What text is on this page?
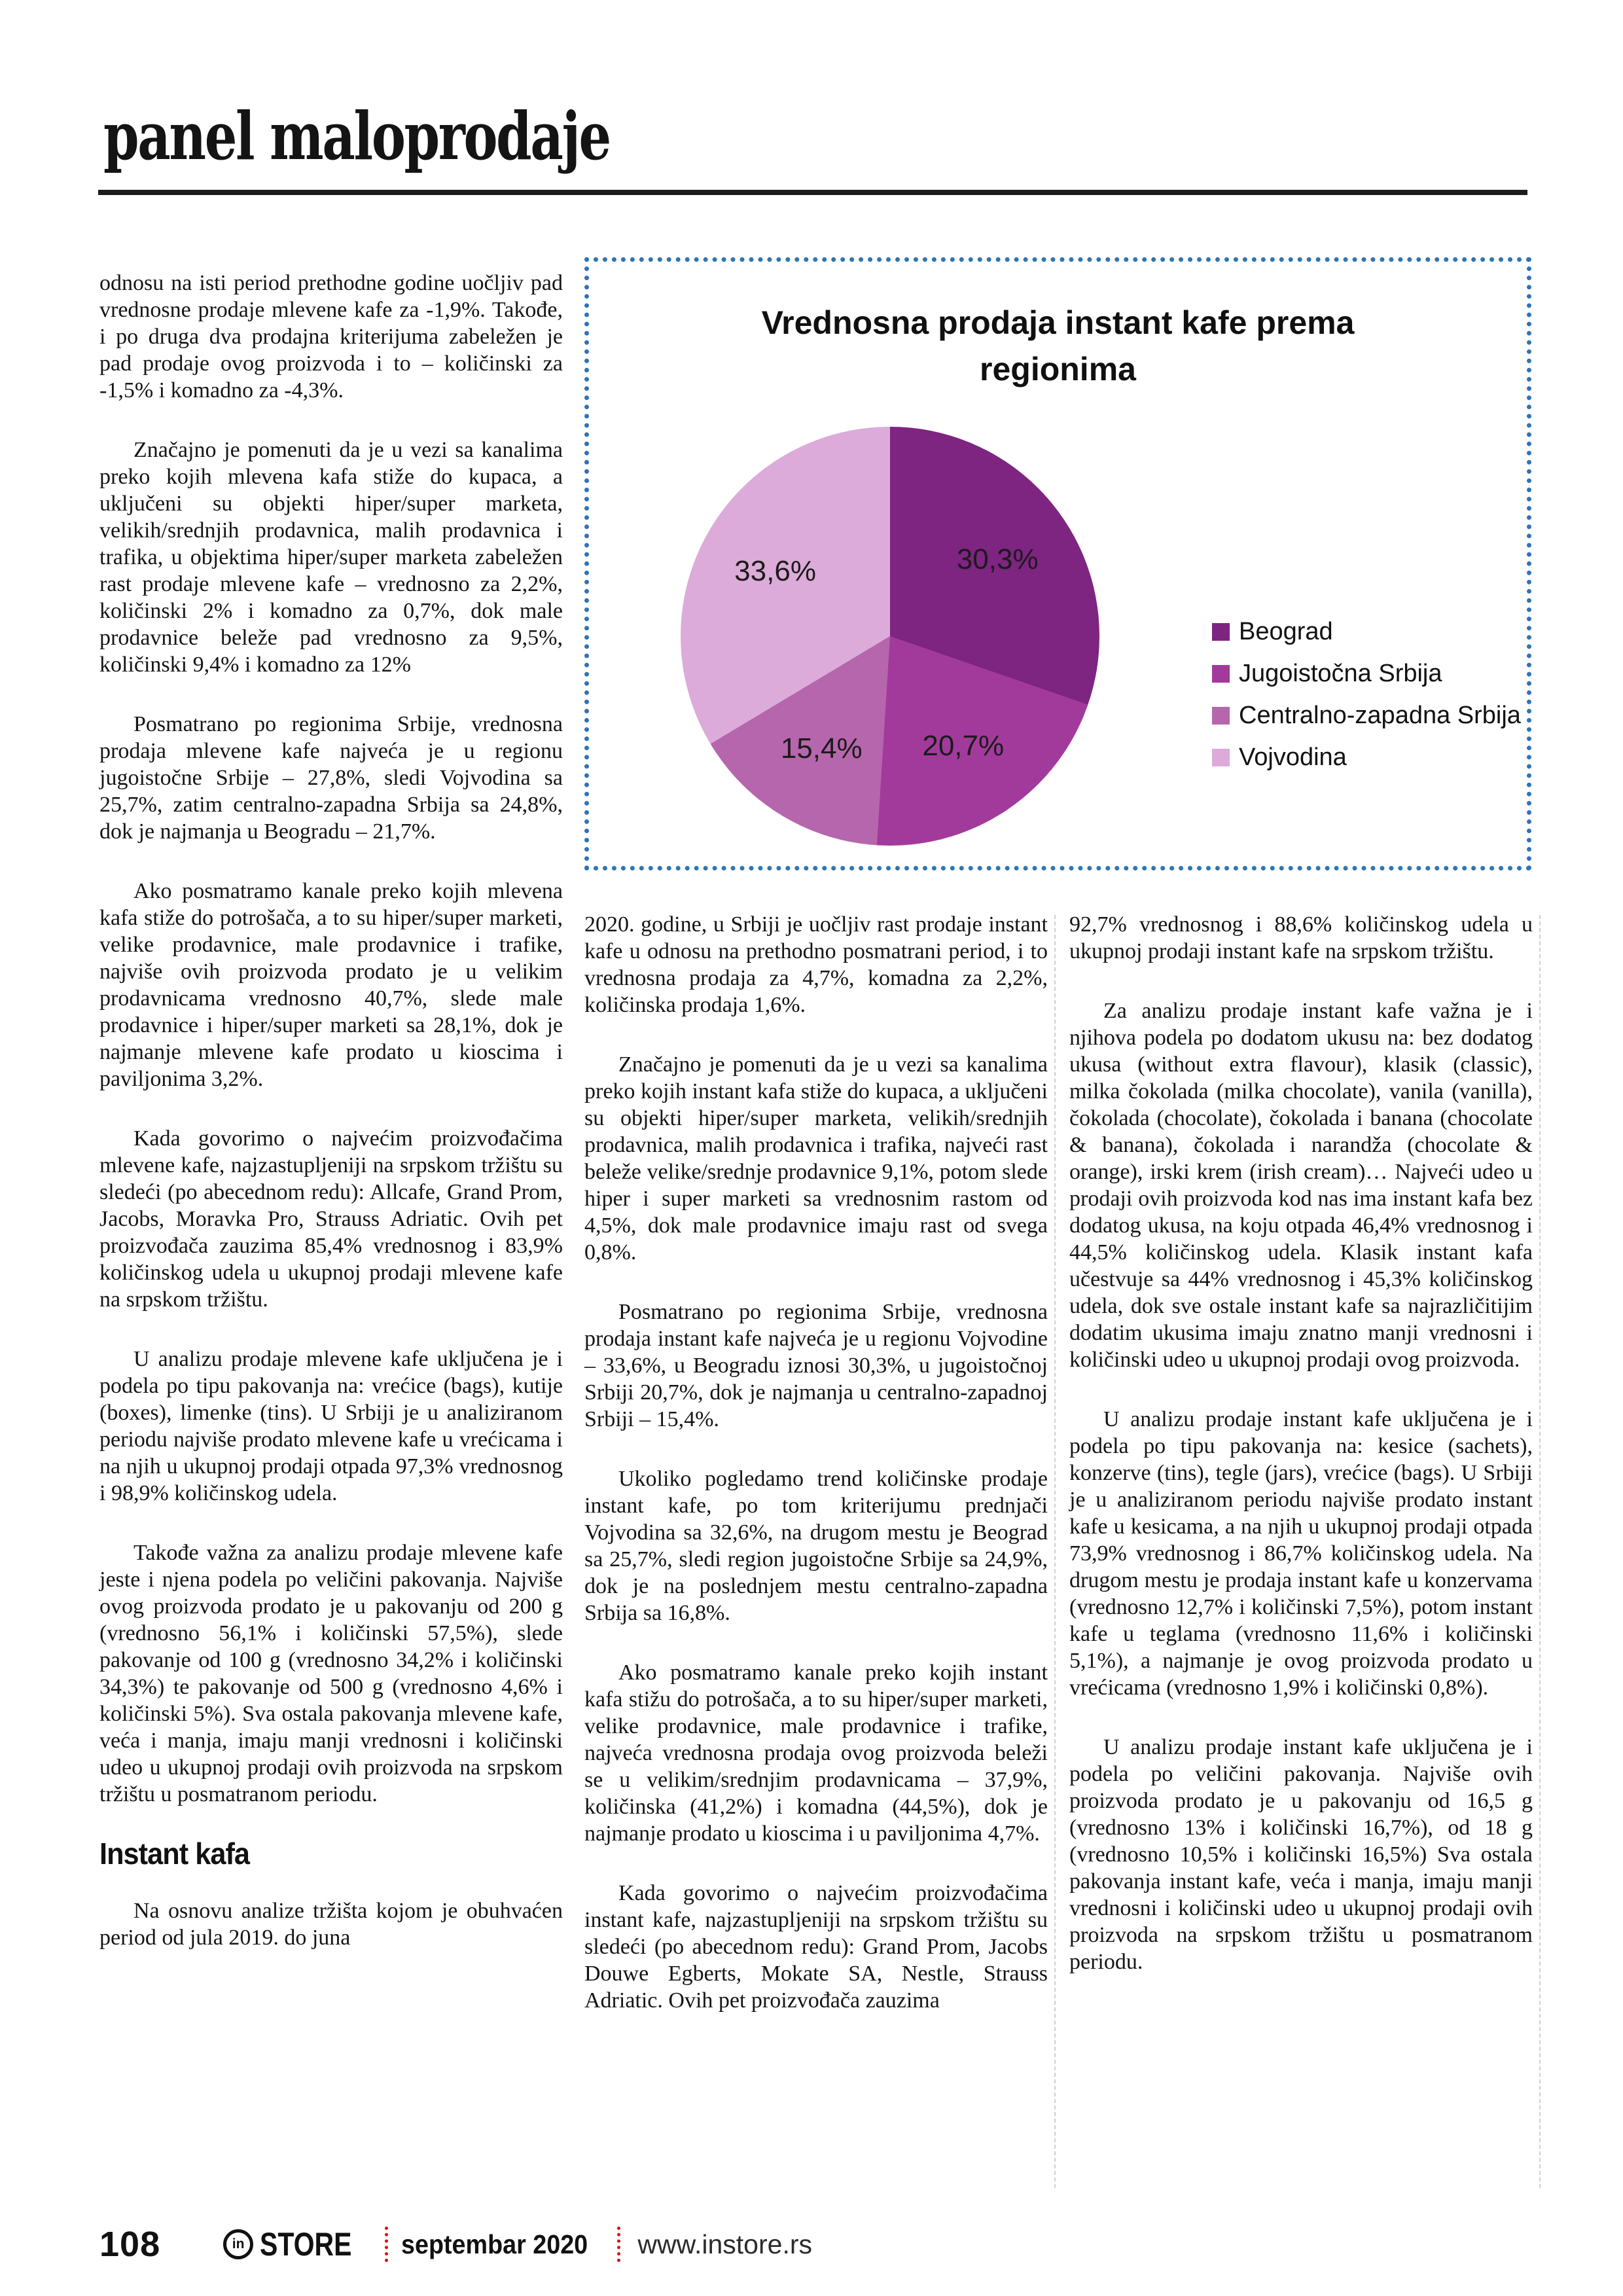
panel maloprodaje
Vrednosna prodaja instant kafe prema regionima
30,3%
20,7%
15,4%
33,6%
Beograd
Jugoistočna Srbija
Centralno-zapadna Srbija
Vojvodina

odnosu na isti period prethodne godine uočljiv pad vrednosne prodaje mlevene kafe za -1,9%. Takođe, i po druga dva prodajna kriterijuma zabeležen je pad prodaje ovog proizvoda i to – količinski za -1,5% i komadno za -4,3%.

Značajno je pomenuti da je u vezi sa kanalima preko kojih mlevena kafa stiže do kupaca, a uključeni su objekti hiper/super marketa, velikih/srednjih prodavnica, malih prodavnica i trafika, u objektima hiper/super marketa zabeležen rast prodaje mlevene kafe – vrednosno za 2,2%, količinski 2% i komadno za 0,7%, dok male prodavnice beleže pad vrednosno za 9,5%, količinski 9,4% i komadno za 12%

Posmatrano po regionima Srbije, vrednosna prodaja mlevene kafe najveća je u regionu jugoistočne Srbije – 27,8%, sledi Vojvodina sa 25,7%, zatim centralno-zapadna Srbija sa 24,8%, dok je najmanja u Beogradu – 21,7%.

Ako posmatramo kanale preko kojih mlevena kafa stiže do potrošača, a to su hiper/super marketi, velike prodavnice, male prodavnice i trafike, najviše ovih proizvoda prodato je u velikim prodavnicama vrednosno 40,7%, slede male prodavnice i hiper/super marketi sa 28,1%, dok je najmanje mlevene kafe prodato u kioscima i paviljonima 3,2%.

Kada govorimo o najvećim proizvođačima mlevene kafe, najzastupljeniji na srpskom tržištu su sledeći (po abecednom redu): Allcafe, Grand Prom, Jacobs, Moravka Pro, Strauss Adriatic. Ovih pet proizvođača zauzima 85,4% vrednosnog i 83,9% količinskog udela u ukupnoj prodaji mlevene kafe na srpskom tržištu.

U analizu prodaje mlevene kafe uključena je i podela po tipu pakovanja na: vrećice (bags), kutije (boxes), limenke (tins). U Srbiji je u analiziranom periodu najviše prodato mlevene kafe u vrećicama i na njih u ukupnoj prodaji otpada 97,3% vrednosnog i 98,9% količinskog udela.

Takođe važna za analizu prodaje mlevene kafe jeste i njena podela po veličini pakovanja. Najviše ovog proizvoda prodato je u pakovanju od 200 g (vrednosno 56,1% i količinski 57,5%), slede pakovanje od 100 g (vrednosno 34,2% i količinski 34,3%) te pakovanje od 500 g (vrednosno 4,6% i količinski 5%). Sva ostala pakovanja mlevene kafe, veća i manja, imaju manji vrednosni i količinski udeo u ukupnoj prodaji ovih proizvoda na srpskom tržištu u posmatranom periodu.

Instant kafa

Na osnovu analize tržišta kojom je obuhvaćen period od jula 2019. do juna

2020. godine, u Srbiji je uočljiv rast prodaje instant kafe u odnosu na prethodno posmatrani period, i to vrednosna prodaja za 4,7%, komadna za 2,2%, količinska prodaja 1,6%.

Značajno je pomenuti da je u vezi sa kanalima preko kojih instant kafa stiže do kupaca, a uključeni su objekti hiper/super marketa, velikih/srednjih prodavnica, malih prodavnica i trafika, najveći rast beleže velike/srednje prodavnice 9,1%, potom slede hiper i super marketi sa vrednosnim rastom od 4,5%, dok male prodavnice imaju rast od svega 0,8%.

Posmatrano po regionima Srbije, vrednosna prodaja instant kafe najveća je u regionu Vojvodine – 33,6%, u Beogradu iznosi 30,3%, u jugoistočnoj Srbiji 20,7%, dok je najmanja u centralno-zapadnoj Srbiji – 15,4%.

Ukoliko pogledamo trend količinske prodaje instant kafe, po tom kriterijumu prednjači Vojvodina sa 32,6%, na drugom mestu je Beograd sa 25,7%, sledi region jugoistočne Srbije sa 24,9%, dok je na poslednjem mestu centralno-zapadna Srbija sa 16,8%.

Ako posmatramo kanale preko kojih instant kafa stižu do potrošača, a to su hiper/super marketi, velike prodavnice, male prodavnice i trafike, najveća vrednosna prodaja ovog proizvoda beleži se u velikim/srednjim prodavnicama – 37,9%, količinska (41,2%) i komadna (44,5%), dok je najmanje prodato u kioscima i u paviljonima 4,7%.

Kada govorimo o najvećim proizvođačima instant kafe, najzastupljeniji na srpskom tržištu su sledeći (po abecednom redu): Grand Prom, Jacobs Douwe Egberts, Mokate SA, Nestle, Strauss Adriatic. Ovih pet proizvođača zauzima

92,7% vrednosnog i 88,6% količinskog udela u ukupnoj prodaji instant kafe na srpskom tržištu.

Za analizu prodaje instant kafe važna je i njihova podela po dodatom ukusu na: bez dodatog ukusa (without extra flavour), klasik (classic), milka čokolada (milka chocolate), vanila (vanilla), čokolada (chocolate), čokolada i banana (chocolate & banana), čokolada i narandža (chocolate & orange), irski krem (irish cream)… Najveći udeo u prodaji ovih proizvoda kod nas ima instant kafa bez dodatog ukusa, na koju otpada 46,4% vrednosnog i 44,5% količinskog udela. Klasik instant kafa učestvuje sa 44% vrednosnog i 45,3% količinskog udela, dok sve ostale instant kafe sa najrazličitijim dodatim ukusima imaju znatno manji vrednosni i količinski udeo u ukupnoj prodaji ovog proizvoda.

U analizu prodaje instant kafe uključena je i podela po tipu pakovanja na: kesice (sachets), konzerve (tins), tegle (jars), vrećice (bags). U Srbiji je u analiziranom periodu najviše prodato instant kafe u kesicama, a na njih u ukupnoj prodaji otpada 73,9% vrednosnog i 86,7% količinskog udela. Na drugom mestu je prodaja instant kafe u konzervama (vrednosno 12,7% i količinski 7,5%), potom instant kafe u teglama (vrednosno 11,6% i količinski 5,1%), a najmanje je ovog proizvoda prodato u vrećicama (vrednosno 1,9% i količinski 0,8%).

U analizu prodaje instant kafe uključena je i podela po veličini pakovanja. Najviše ovih proizvoda prodato je u pakovanju od 16,5 g (vrednosno 13% i količinski 16,7%), od 18 g (vrednosno 10,5% i količinski 16,5%) Sva ostala pakovanja instant kafe, veća i manja, imaju manji vrednosni i količinski udeo u ukupnoj prodaji ovih proizvoda na srpskom tržištu u posmatranom periodu.

108	in STORE septembar 2020 www.instore.rs
